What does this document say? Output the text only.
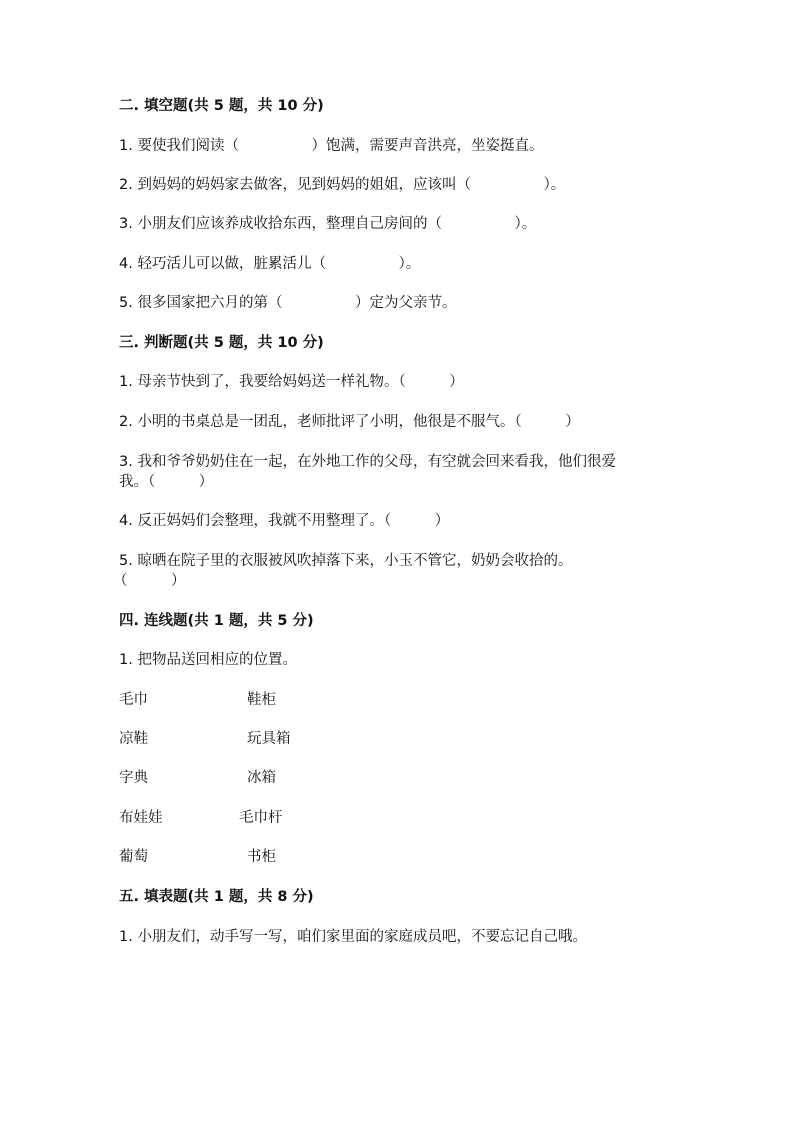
二. 填空题(共 5 题，共 10 分)
1. 要使我们阅读（　　　　　）饱满，需要声音洪亮，坐姿挺直。
2. 到妈妈的妈妈家去做客，见到妈妈的姐姐，应该叫（　　　　　）。
3. 小朋友们应该养成收拾东西，整理自己房间的（　　　　　）。
4. 轻巧活儿可以做，脏累活儿（　　　　　）。
5. 很多国家把六月的第（　　　　　）定为父亲节。
三. 判断题(共 5 题，共 10 分)
1. 母亲节快到了，我要给妈妈送一样礼物。（　　　）
2. 小明的书桌总是一团乱，老师批评了小明，他很是不服气。（　　　）
3. 我和爷爷奶奶住在一起，在外地工作的父母，有空就会回来看我，他们很爱
我。（　　　）
4. 反正妈妈们会整理，我就不用整理了。（　　　）
5. 晾晒在院子里的衣服被风吹掉落下来，小玉不管它，奶奶会收拾的。
（　　　）
四. 连线题(共 1 题，共 5 分)
1. 把物品送回相应的位置。
毛巾	鞋柜
凉鞋	玩具箱
字典	冰箱
布娃娃	毛巾杆
葡萄	书柜
五. 填表题(共 1 题，共 8 分)
1. 小朋友们，动手写一写，咱们家里面的家庭成员吧，不要忘记自己哦。
